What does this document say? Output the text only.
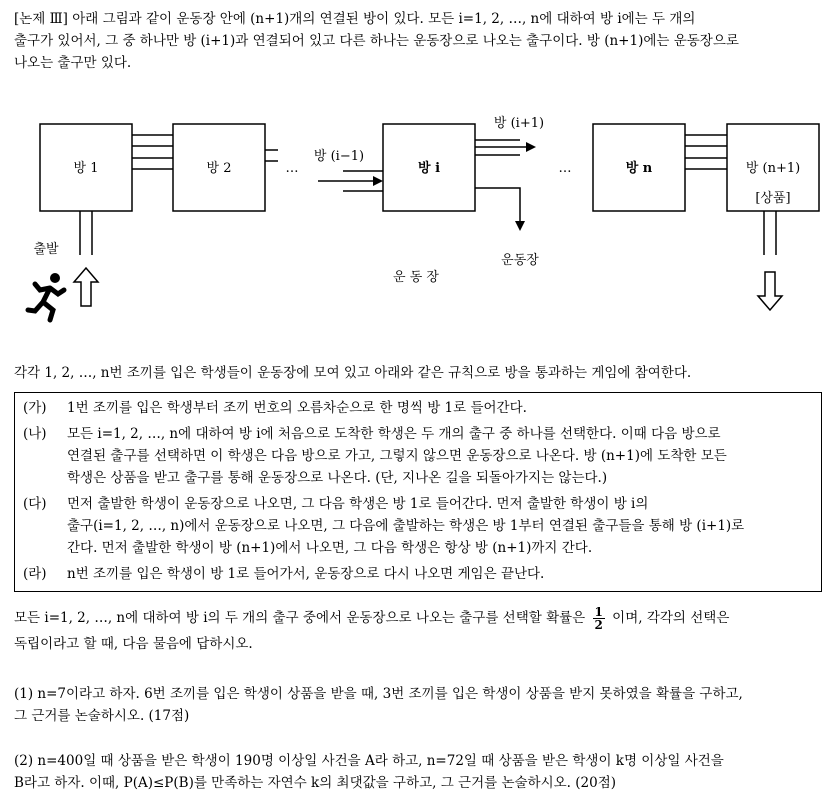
[논제 Ⅲ] 아래 그림과 같이 운동장 안에 (n+1)개의 연결된 방이 있다. 모든 i=1, 2, …, n에 대하여 방 i에는 두 개의
출구가 있어서, 그 중 하나만 방 (i+1)과 연결되어 있고 다른 하나는 운동장으로 나오는 출구이다. 방 (n+1)에는 운동장으로
나오는 출구만 있다.
방 1	방 2	방 i	방 n	방 (n+1)
[상품]
…	…
방 (i−1)
방 (i+1)
운동장
출발
운 동 장
각각 1, 2, …, n번 조끼를 입은 학생들이 운동장에 모여 있고 아래와 같은 규칙으로 방을 통과하는 게임에 참여한다.
(가) 1번 조끼를 입은 학생부터 조끼 번호의 오름차순으로 한 명씩 방 1로 들어간다.
(나) 모든 i=1, 2, …, n에 대하여 방 i에 처음으로 도착한 학생은 두 개의 출구 중 하나를 선택한다. 이때 다음 방으로
연결된 출구를 선택하면 이 학생은 다음 방으로 가고, 그렇지 않으면 운동장으로 나온다. 방 (n+1)에 도착한 모든
학생은 상품을 받고 출구를 통해 운동장으로 나온다. (단, 지나온 길을 되돌아가지는 않는다.)
(다) 먼저 출발한 학생이 운동장으로 나오면, 그 다음 학생은 방 1로 들어간다. 먼저 출발한 학생이 방 i의
출구(i=1, 2, …, n)에서 운동장으로 나오면, 그 다음에 출발하는 학생은 방 1부터 연결된 출구들을 통해 방 (i+1)로
간다. 먼저 출발한 학생이 방 (n+1)에서 나오면, 그 다음 학생은 항상 방 (n+1)까지 간다.
(라) n번 조끼를 입은 학생이 방 1로 들어가서, 운동장으로 다시 나오면 게임은 끝난다.
모든 i=1, 2, …, n에 대하여 방 i의 두 개의 출구 중에서 운동장으로 나오는 출구를 선택할 확률은 $\frac{1}{2}$ 이며, 각각의 선택은
독립이라고 할 때, 다음 물음에 답하시오.
(1) n=7이라고 하자. 6번 조끼를 입은 학생이 상품을 받을 때, 3번 조끼를 입은 학생이 상품을 받지 못하였을 확률을 구하고,
그 근거를 논술하시오. (17점)
(2) n=400일 때 상품을 받은 학생이 190명 이상일 사건을 A라 하고, n=72일 때 상품을 받은 학생이 k명 이상일 사건을
B라고 하자. 이때, P(A)≤P(B)를 만족하는 자연수 k의 최댓값을 구하고, 그 근거를 논술하시오. (20점)
